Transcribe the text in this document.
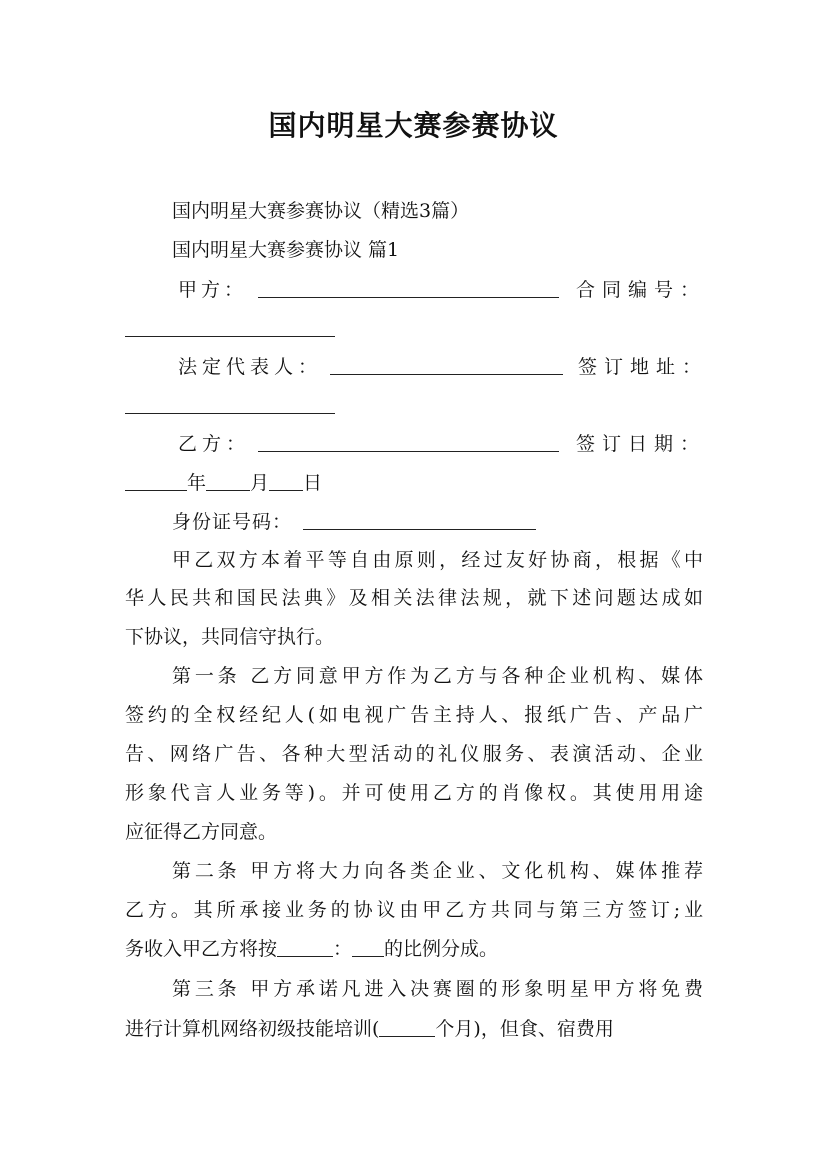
国内明星大赛参赛协议
国内明星大赛参赛协议（精选3篇）
国内明星大赛参赛协议 篇1
甲方：	合同编号：
法定代表人：	签订地址：
乙方：	签订日期：
年 月 日
身份证号码：
甲乙双方本着平等自由原则，经过友好协商，根据《中
华人民共和国民法典》及相关法律法规，就下述问题达成如
下协议，共同信守执行。
第一条 乙方同意甲方作为乙方与各种企业机构、媒体
签约的全权经纪人(如电视广告主持人、报纸广告、产品广
告、网络广告、各种大型活动的礼仪服务、表演活动、企业
形象代言人业务等)。并可使用乙方的肖像权。其使用用途
应征得乙方同意。
第二条 甲方将大力向各类企业、文化机构、媒体推荐
乙方。其所承接业务的协议由甲乙方共同与第三方签订;业
务收入甲乙方将按	： 的比例分成。
第三条 甲方承诺凡进入决赛圈的形象明星甲方将免费
进行计算机网络初级技能培训(	个月)，但食、宿费用
